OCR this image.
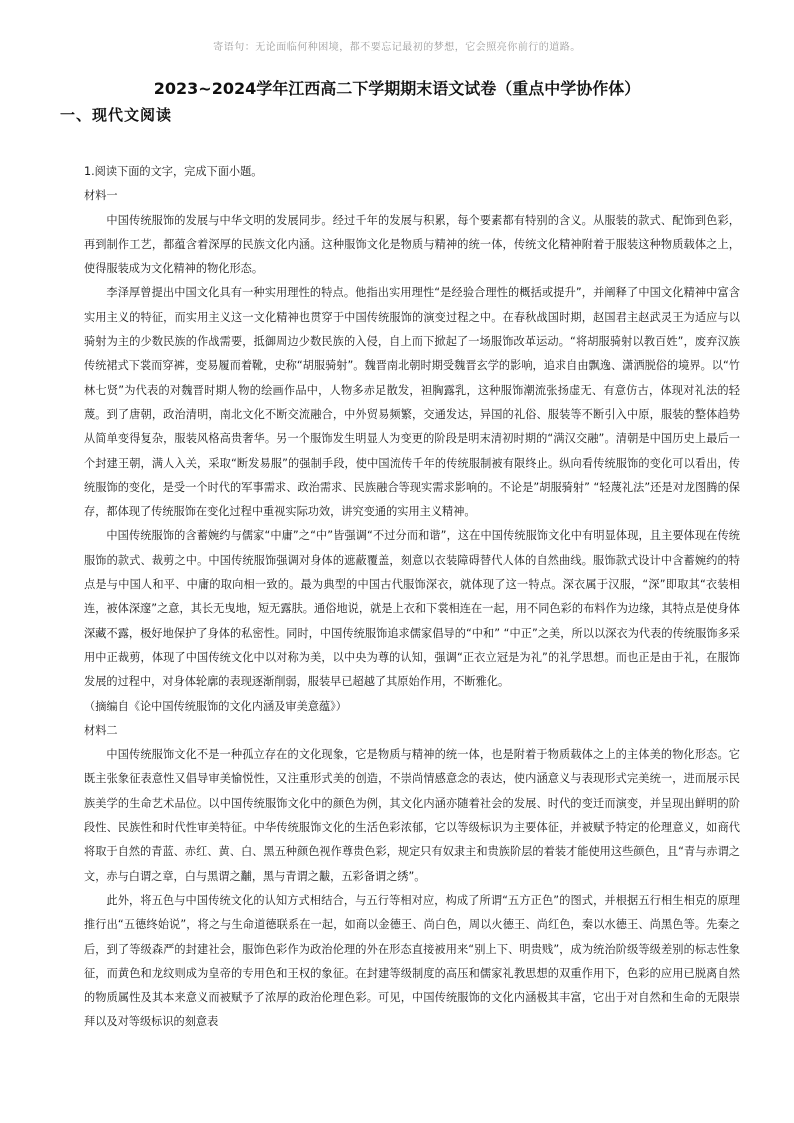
寄语句：无论面临何种困境，都不要忘记最初的梦想，它会照亮你前行的道路。
2023~2024学年江西高二下学期期末语文试卷（重点中学协作体）
一、现代文阅读

1.阅读下面的文字，完成下面小题。

材料一

中国传统服饰的发展与中华文明的发展同步。经过千年的发展与积累，每个要素都有特别的含义。从服装的款式、配饰到色彩，再到制作工艺，都蕴含着深厚的民族文化内涵。这种服饰文化是物质与精神的统一体，传统文化精神附着于服装这种物质载体之上，使得服装成为文化精神的物化形态。

李泽厚曾提出中国文化具有一种实用理性的特点。他指出实用理性“是经验合理性的概括或提升”，并阐释了中国文化精神中富含实用主义的特征，而实用主义这一文化精神也贯穿于中国传统服饰的演变过程之中。在春秋战国时期，赵国君主赵武灵王为适应与以骑射为主的少数民族的作战需要，抵御周边少数民族的入侵，自上而下掀起了一场服饰改革运动。“将胡服骑射以教百姓”，废弃汉族传统裙式下裳而穿裤，变易履而着靴，史称“胡服骑射”。魏晋南北朝时期受魏晋玄学的影响，追求自由飘逸、潇洒脱俗的境界。以“竹林七贤”为代表的对魏晋时期人物的绘画作品中，人物多赤足散发，袒胸露乳，这种服饰潮流张扬虚无、有意仿古，体现对礼法的轻蔑。到了唐朝，政治清明，南北文化不断交流融合，中外贸易频繁，交通发达，异国的礼俗、服装等不断引入中原，服装的整体趋势从简单变得复杂，服装风格高贵奢华。另一个服饰发生明显人为变更的阶段是明末清初时期的“满汉交融”。清朝是中国历史上最后一个封建王朝，满人入关，采取“断发易服”的强制手段，使中国流传千年的传统服制被有限终止。纵向看传统服饰的变化可以看出，传统服饰的变化，是受一个时代的军事需求、政治需求、民族融合等现实需求影响的。不论是”胡服骑射” “轻蔑礼法”还是对龙图腾的保存，都体现了传统服饰在变化过程中重视实际功效，讲究变通的实用主义精神。

中国传统服饰的含蓄婉约与儒家“中庸”之“中”皆强调“不过分而和谐”，这在中国传统服饰文化中有明显体现，且主要体现在传统服饰的款式、裁剪之中。中国传统服饰强调对身体的遮蔽覆盖，刻意以衣装障碍替代人体的自然曲线。服饰款式设计中含蓄婉约的特点是与中国人和平、中庸的取向相一致的。最为典型的中国古代服饰深衣，就体现了这一特点。深衣属于汉服，“深”即取其“衣装相连，被体深邃”之意，其长无曳地，短无露肤。通俗地说，就是上衣和下裳相连在一起，用不同色彩的布料作为边缘，其特点是使身体深藏不露，极好地保护了身体的私密性。同时，中国传统服饰追求儒家倡导的“中和” “中正”之美，所以以深衣为代表的传统服饰多采用中正裁剪，体现了中国传统文化中以对称为美，以中央为尊的认知，强调“正衣立冠是为礼”的礼学思想。而也正是由于礼，在服饰发展的过程中，对身体轮廓的表现逐渐削弱，服装早已超越了其原始作用，不断雅化。

（摘编自《论中国传统服饰的文化内涵及审美意蕴》）

材料二

中国传统服饰文化不是一种孤立存在的文化现象，它是物质与精神的统一体，也是附着于物质载体之上的主体美的物化形态。它既主张象征表意性又倡导审美愉悦性，又注重形式美的创造，不崇尚情感意念的表达，使内涵意义与表现形式完美统一，进而展示民族美学的生命艺术品位。以中国传统服饰文化中的颜色为例，其文化内涵亦随着社会的发展、时代的变迁而演变，并呈现出鲜明的阶段性、民族性和时代性审美特征。中华传统服饰文化的生活色彩浓郁，它以等级标识为主要体征，并被赋予特定的伦理意义，如商代将取于自然的青蓝、赤红、黄、白、黑五种颜色视作尊贵色彩，规定只有奴隶主和贵族阶层的着装才能使用这些颜色，且“青与赤谓之文，赤与白谓之章，白与黑谓之黼，黑与青谓之黻，五彩备谓之绣”。

此外，将五色与中国传统文化的认知方式相结合，与五行等相对应，构成了所谓“五方正色”的图式，并根据五行相生相克的原理推行出“五德终始说”，将之与生命道德联系在一起，如商以金德王、尚白色，周以火德王、尚红色，秦以水德王、尚黑色等。先秦之后，到了等级森严的封建社会，服饰色彩作为政治伦理的外在形态直接被用来“别上下、明贵贱”，成为统治阶级等级差别的标志性象征，而黄色和龙纹则成为皇帝的专用色和王权的象征。在封建等级制度的高压和儒家礼教思想的双重作用下，色彩的应用已脱离自然的物质属性及其本来意义而被赋予了浓厚的政治伦理色彩。可见，中国传统服饰的文化内涵极其丰富，它出于对自然和生命的无限崇拜以及对等级标识的刻意表
